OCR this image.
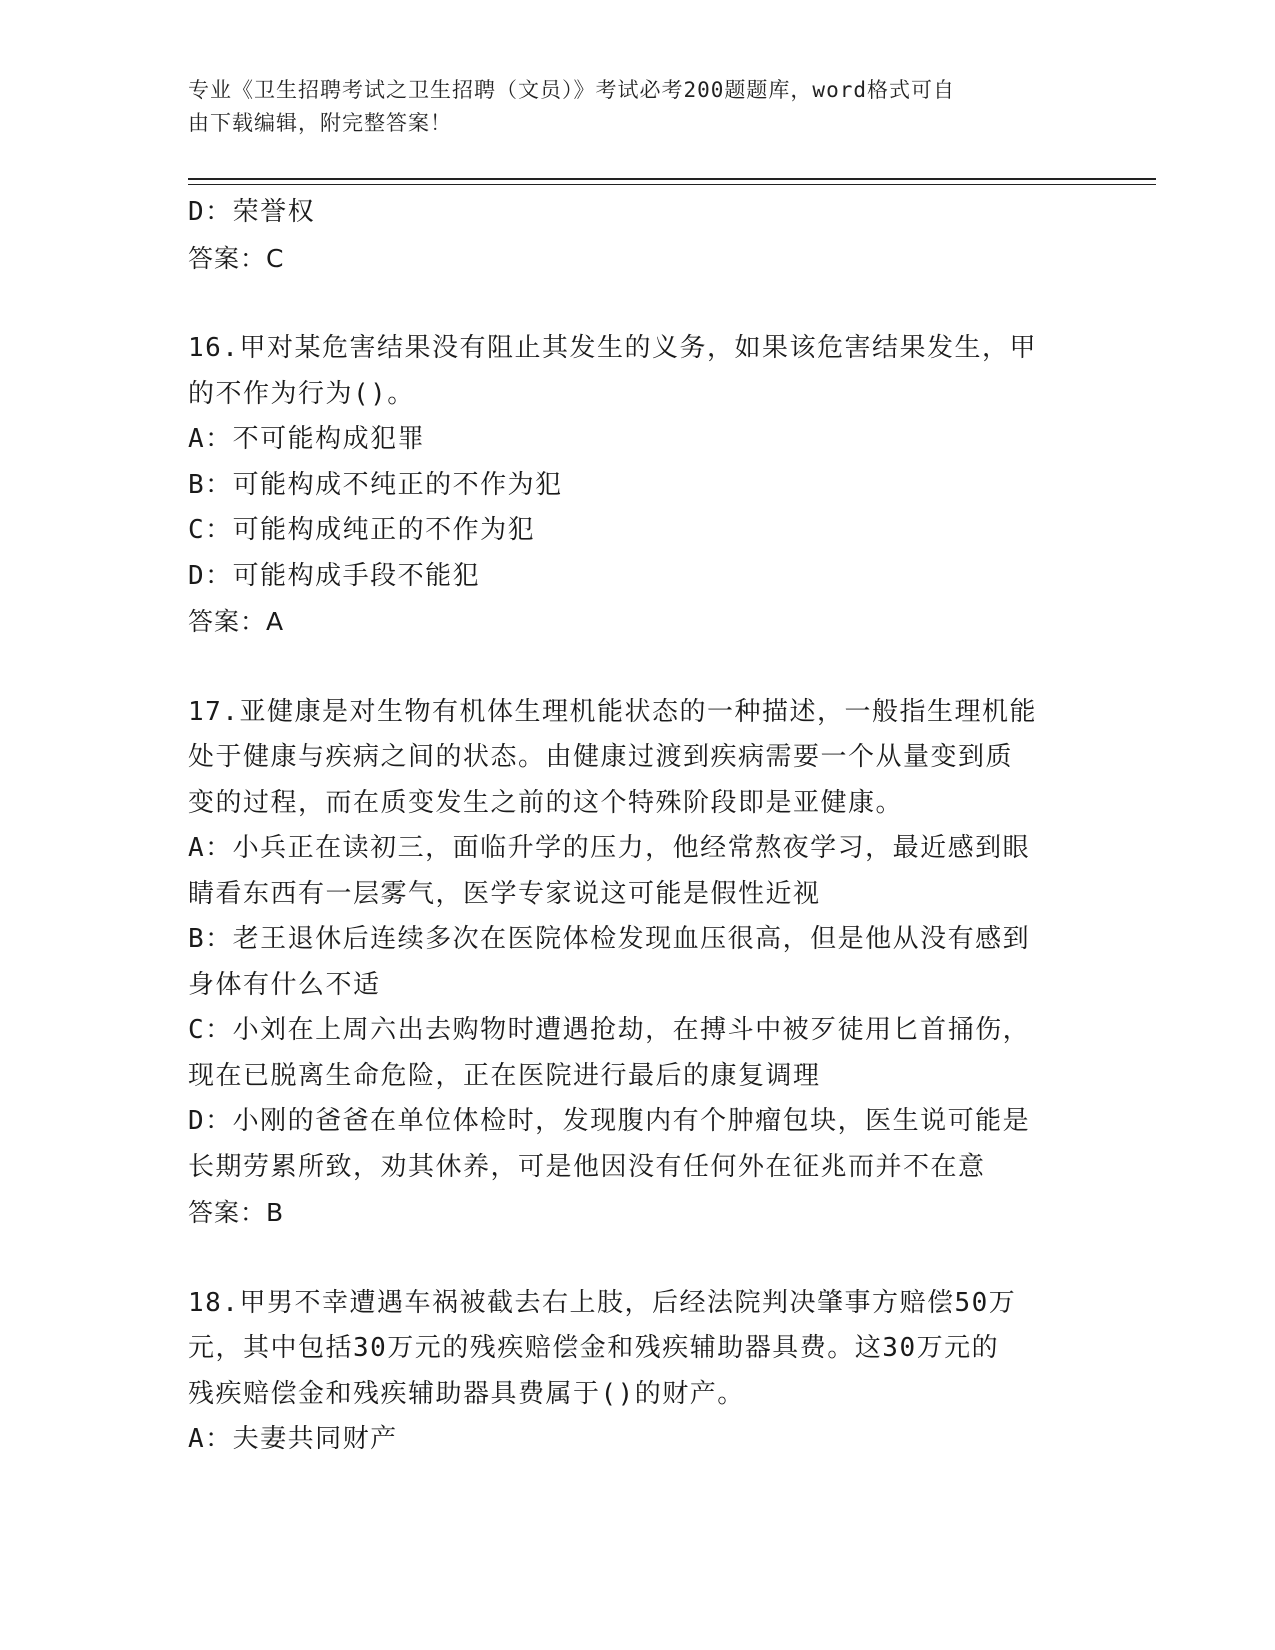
专业《卫生招聘考试之卫生招聘（文员）》考试必考200题题库，word格式可自
由下载编辑，附完整答案！

D：荣誉权

答案：C

16.甲对某危害结果没有阻止其发生的义务，如果该危害结果发生，甲

的不作为行为()。

A：不可能构成犯罪

B：可能构成不纯正的不作为犯

C：可能构成纯正的不作为犯

D：可能构成手段不能犯

答案：A

17.亚健康是对生物有机体生理机能状态的一种描述，一般指生理机能

处于健康与疾病之间的状态。由健康过渡到疾病需要一个从量变到质

变的过程，而在质变发生之前的这个特殊阶段即是亚健康。

A：小兵正在读初三，面临升学的压力，他经常熬夜学习，最近感到眼

睛看东西有一层雾气，医学专家说这可能是假性近视

B：老王退休后连续多次在医院体检发现血压很高，但是他从没有感到

身体有什么不适

C：小刘在上周六出去购物时遭遇抢劫，在搏斗中被歹徒用匕首捅伤，

现在已脱离生命危险，正在医院进行最后的康复调理

D：小刚的爸爸在单位体检时，发现腹内有个肿瘤包块，医生说可能是

长期劳累所致，劝其休养，可是他因没有任何外在征兆而并不在意

答案：B

18.甲男不幸遭遇车祸被截去右上肢，后经法院判决肇事方赔偿50万

元，其中包括30万元的残疾赔偿金和残疾辅助器具费。这30万元的

残疾赔偿金和残疾辅助器具费属于()的财产。

A：夫妻共同财产
